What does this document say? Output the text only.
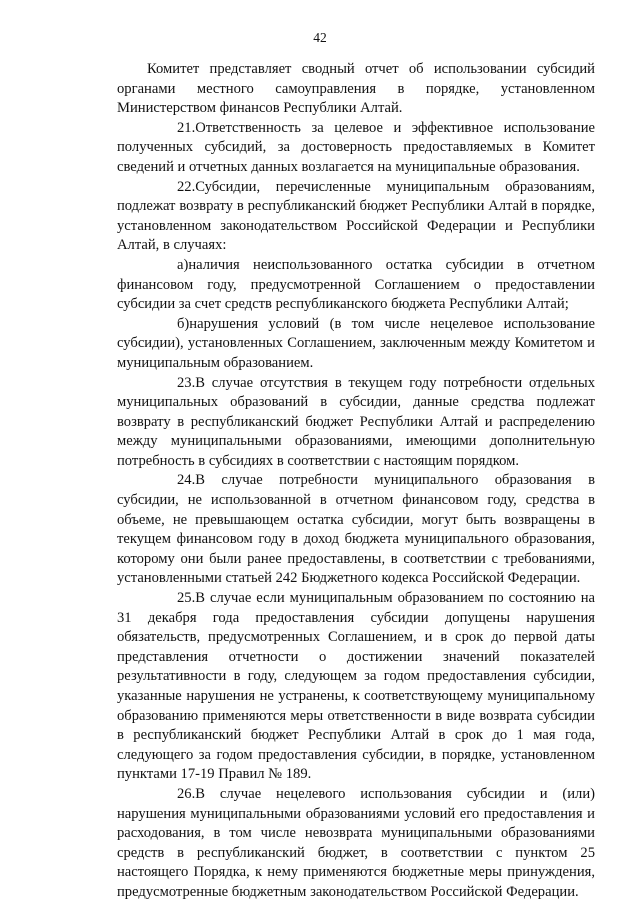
42

Комитет представляет сводный отчет об использовании субсидий органами местного самоуправления в порядке, установленном Министерством финансов Республики Алтай.

21.Ответственность за целевое и эффективное использование полученных субсидий, за достоверность предоставляемых в Комитет сведений и отчетных данных возлагается на муниципальные образования.

22.Субсидии, перечисленные муниципальным образованиям, подлежат возврату в республиканский бюджет Республики Алтай в порядке, установленном законодательством Российской Федерации и Республики Алтай, в случаях:

а)наличия неиспользованного остатка субсидии в отчетном финансовом году, предусмотренной Соглашением о предоставлении субсидии за счет средств республиканского бюджета Республики Алтай;

б)нарушения условий (в том числе нецелевое использование субсидии), установленных Соглашением, заключенным между Комитетом и муниципальным образованием.

23.В случае отсутствия в текущем году потребности отдельных муниципальных образований в субсидии, данные средства подлежат возврату в республиканский бюджет Республики Алтай и распределению между муниципальными образованиями, имеющими дополнительную потребность в субсидиях в соответствии с настоящим порядком.

24.В случае потребности муниципального образования в субсидии, не использованной в отчетном финансовом году, средства в объеме, не превышающем остатка субсидии, могут быть возвращены в текущем финансовом году в доход бюджета муниципального образования, которому они были ранее предоставлены, в соответствии с требованиями, установленными статьей 242 Бюджетного кодекса Российской Федерации.

25.В случае если муниципальным образованием по состоянию на 31 декабря года предоставления субсидии допущены нарушения обязательств, предусмотренных Соглашением, и в срок до первой даты представления отчетности о достижении значений показателей результативности в году, следующем за годом предоставления субсидии, указанные нарушения не устранены, к соответствующему муниципальному образованию применяются меры ответственности в виде возврата субсидии в республиканский бюджет Республики Алтай в срок до 1 мая года, следующего за годом предоставления субсидии, в порядке, установленном пунктами 17-19 Правил № 189.

26.В случае нецелевого использования субсидии и (или) нарушения муниципальными образованиями условий его предоставления и расходования, в том числе невозврата муниципальными образованиями средств в республиканский бюджет, в соответствии с пунктом 25 настоящего Порядка, к нему применяются бюджетные меры принуждения, предусмотренные бюджетным законодательством Российской Федерации.
